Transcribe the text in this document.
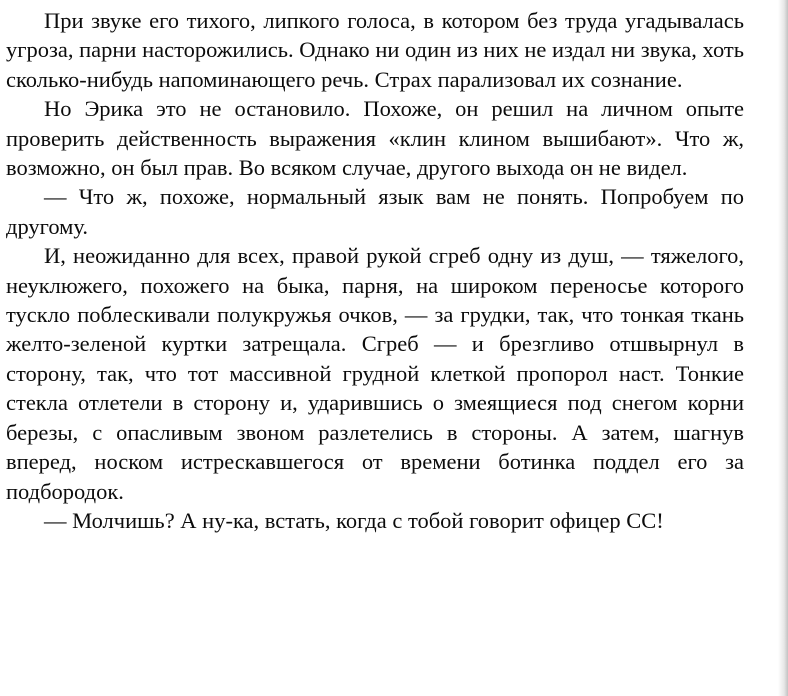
При звуке его тихого, липкого голоса, в котором без труда угадывалась угроза, парни насторожились. Однако ни один из них не издал ни звука, хоть сколько-нибудь напоминающего речь. Страх парализовал их сознание.

Но Эрика это не остановило. Похоже, он решил на личном опыте проверить действенность выражения «клин клином вышибают». Что ж, возможно, он был прав. Во всяком случае, другого выхода он не видел.

— Что ж, похоже, нормальный язык вам не понять. Попробуем по другому.

И, неожиданно для всех, правой рукой сгреб одну из душ, — тяжелого, неуклюжего, похожего на быка, парня, на широком переносье которого тускло поблескивали полукружья очков, — за грудки, так, что тонкая ткань желто-зеленой куртки затрещала. Сгреб — и брезгливо отшвырнул в сторону, так, что тот массивной грудной клеткой пропорол наст. Тонкие стекла отлетели в сторону и, ударившись о змеящиеся под снегом корни березы, с опасливым звоном разлетелись в стороны. А затем, шагнув вперед, носком истрескавшегося от времени ботинка поддел его за подбородок.

— Молчишь? А ну-ка, встать, когда с тобой говорит офицер СС!
